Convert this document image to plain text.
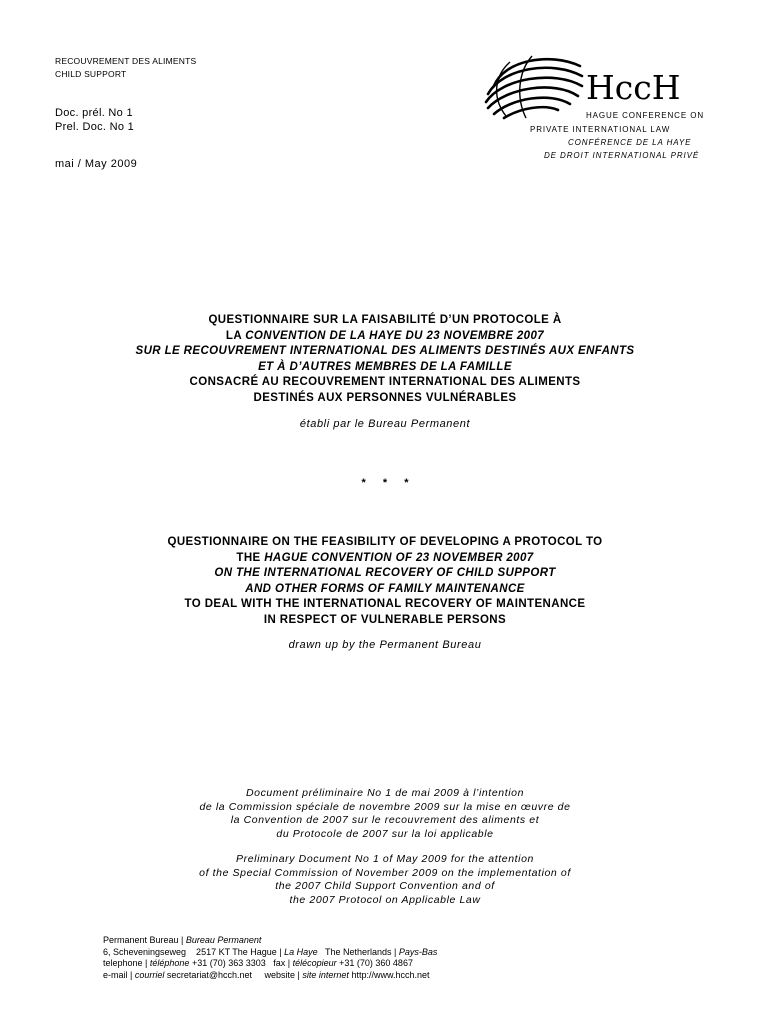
RECOUVREMENT DES ALIMENTS
CHILD SUPPORT
Doc. prél. No 1
Prel. Doc. No 1
mai / May 2009
HccH
HAGUE CONFERENCE ON
PRIVATE INTERNATIONAL LAW
CONFÉRENCE DE LA HAYE
DE DROIT INTERNATIONAL PRIVÉ
QUESTIONNAIRE SUR LA FAISABILITÉ D’UN PROTOCOLE À
LA CONVENTION DE LA HAYE DU 23 NOVEMBRE 2007
SUR LE RECOUVREMENT INTERNATIONAL DES ALIMENTS DESTINÉS AUX ENFANTS
ET À D’AUTRES MEMBRES DE LA FAMILLE
CONSACRÉ AU RECOUVREMENT INTERNATIONAL DES ALIMENTS
DESTINÉS AUX PERSONNES VULNÉRABLES
établi par le Bureau Permanent
* * *
QUESTIONNAIRE ON THE FEASIBILITY OF DEVELOPING A PROTOCOL TO
THE HAGUE CONVENTION OF 23 NOVEMBER 2007
ON THE INTERNATIONAL RECOVERY OF CHILD SUPPORT
AND OTHER FORMS OF FAMILY MAINTENANCE
TO DEAL WITH THE INTERNATIONAL RECOVERY OF MAINTENANCE
IN RESPECT OF VULNERABLE PERSONS
drawn up by the Permanent Bureau
Document préliminaire No 1 de mai 2009 à l’intention
de la Commission spéciale de novembre 2009 sur la mise en œuvre de
la Convention de 2007 sur le recouvrement des aliments et
du Protocole de 2007 sur la loi applicable
Preliminary Document No 1 of May 2009 for the attention
of the Special Commission of November 2009 on the implementation of
the 2007 Child Support Convention and of
the 2007 Protocol on Applicable Law
Permanent Bureau | Bureau Permanent
6, Scheveningseweg    2517 KT The Hague | La Haye   The Netherlands | Pays-Bas
telephone | téléphone +31 (70) 363 3303   fax | télécopieur +31 (70) 360 4867
e-mail | courriel secretariat@hcch.net     website | site internet http://www.hcch.net
